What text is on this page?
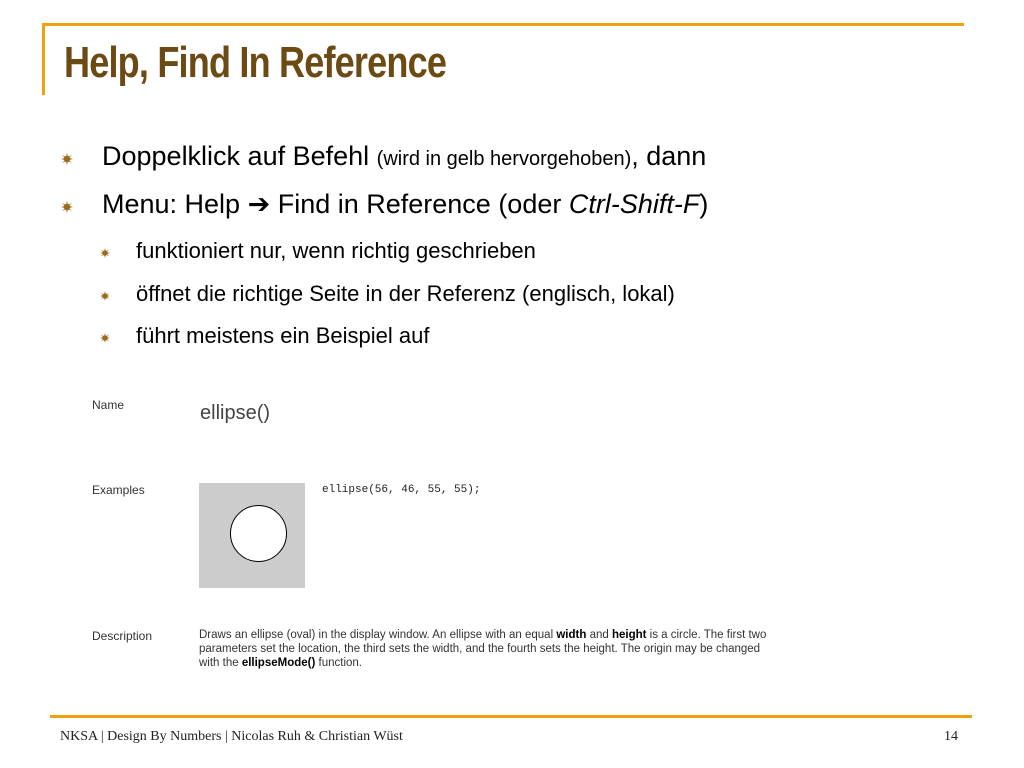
Help, Find In Reference
Doppelklick auf Befehl (wird in gelb hervorgehoben), dann
Menu: Help ➔ Find in Reference (oder Ctrl-Shift-F)
funktioniert nur, wenn richtig geschrieben
öffnet die richtige Seite in der Referenz (englisch, lokal)
führt meistens ein Beispiel auf
Name	ellipse()
Examples	ellipse(56, 46, 55, 55);
Description	Draws an ellipse (oval) in the display window. An ellipse with an equal width and height is a circle. The first two parameters set the location, the third sets the width, and the fourth sets the height. The origin may be changed with the ellipseMode() function.
NKSA | Design By Numbers | Nicolas Ruh & Christian Wüst	14
